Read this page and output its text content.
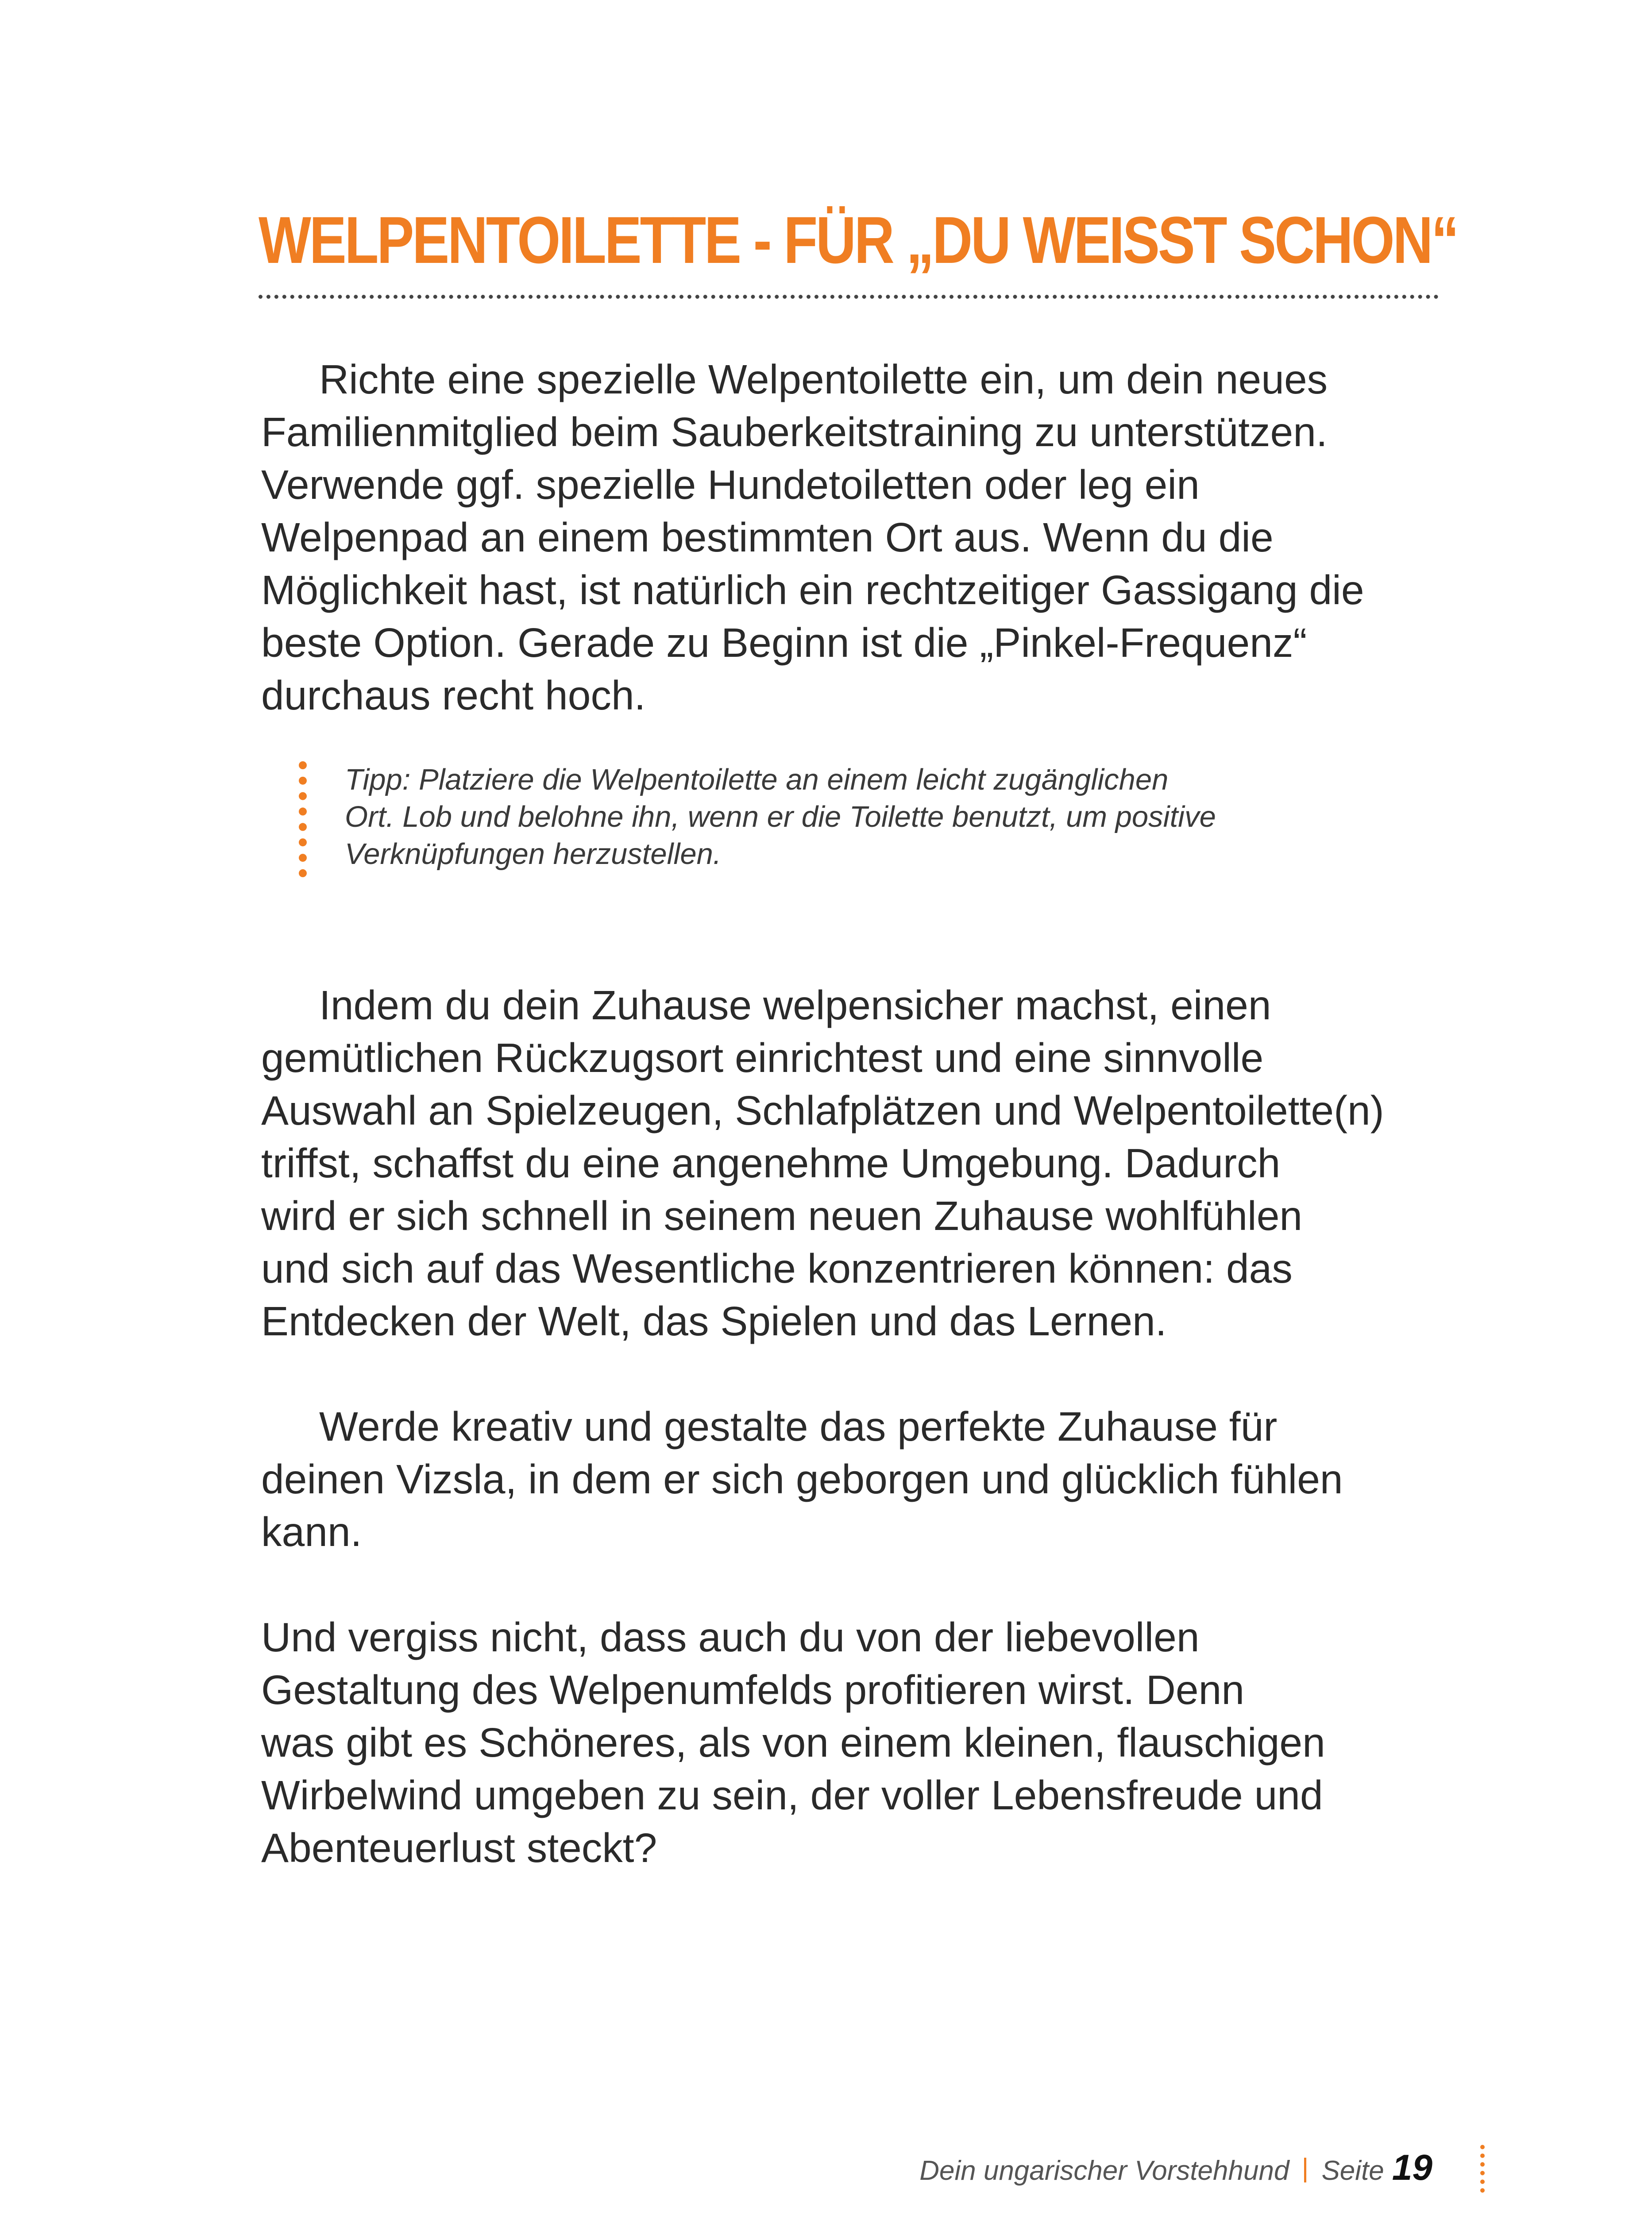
WELPENTOILETTE - FÜR „DU WEISST SCHON“

Richte eine spezielle Welpentoilette ein, um dein neues
Familienmitglied beim Sauberkeitstraining zu unterstützen.
Verwende ggf. spezielle Hundetoiletten oder leg ein
Welpenpad an einem bestimmten Ort aus. Wenn du die
Möglichkeit hast, ist natürlich ein rechtzeitiger Gassigang die
beste Option. Gerade zu Beginn ist die „Pinkel-Frequenz“
durchaus recht hoch.

Tipp: Platziere die Welpentoilette an einem leicht zugänglichen
Ort. Lob und belohne ihn, wenn er die Toilette benutzt, um positive
Verknüpfungen herzustellen.

Indem du dein Zuhause welpensicher machst, einen
gemütlichen Rückzugsort einrichtest und eine sinnvolle
Auswahl an Spielzeugen, Schlafplätzen und Welpentoilette(n)
triffst, schaffst du eine angenehme Umgebung. Dadurch
wird er sich schnell in seinem neuen Zuhause wohlfühlen
und sich auf das Wesentliche konzentrieren können: das
Entdecken der Welt, das Spielen und das Lernen.

Werde kreativ und gestalte das perfekte Zuhause für
deinen Vizsla, in dem er sich geborgen und glücklich fühlen
kann.

Und vergiss nicht, dass auch du von der liebevollen
Gestaltung des Welpenumfelds profitieren wirst. Denn
was gibt es Schöneres, als von einem kleinen, flauschigen
Wirbelwind umgeben zu sein, der voller Lebensfreude und
Abenteuerlust steckt?

Dein ungarischer Vorstehhund Seite 19
